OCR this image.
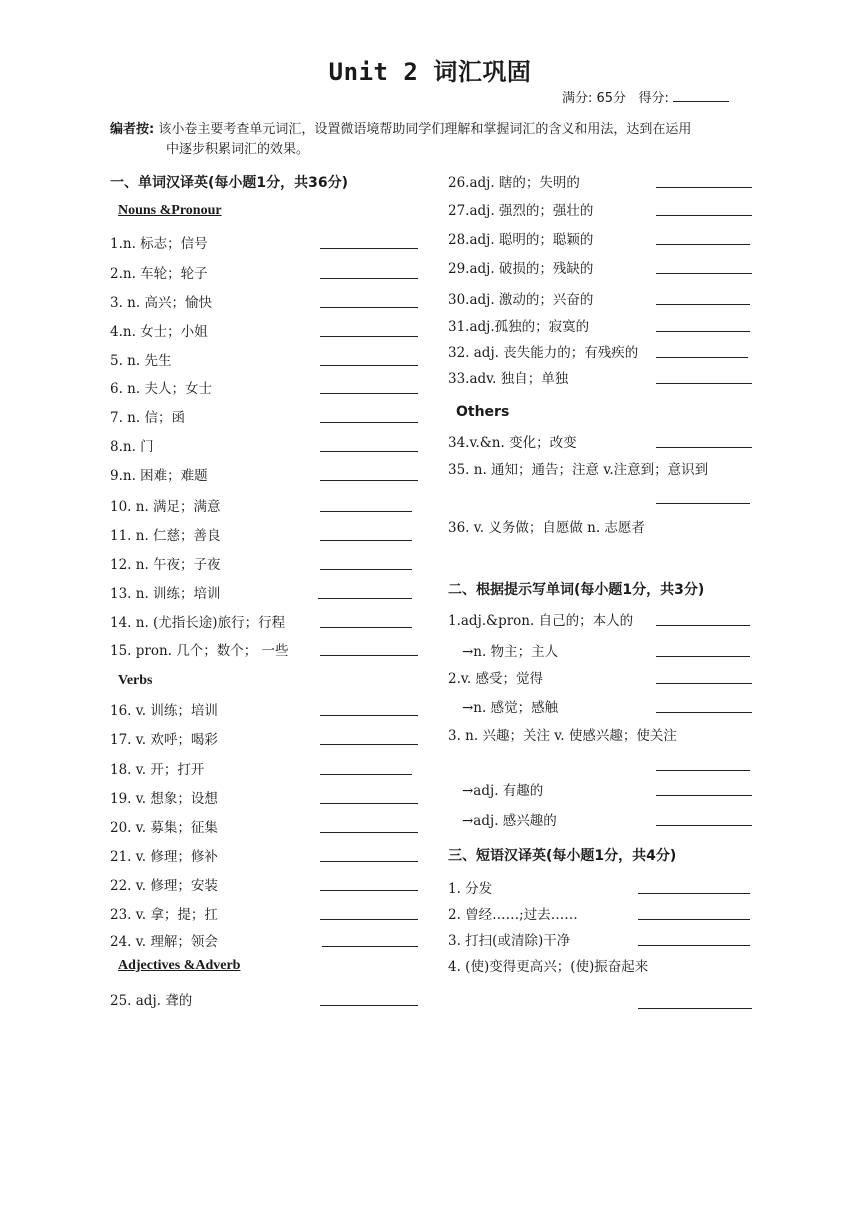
Unit 2 词汇巩固
满分: 65分 得分:
编者按: 该小卷主要考查单元词汇，设置微语境帮助同学们理解和掌握词汇的含义和用法，达到在运用
中逐步积累词汇的效果。
一、单词汉译英(每小题1分，共36分)
Nouns &Pronour
1.n. 标志；信号
2.n. 车轮；轮子
3. n. 高兴；愉快
4.n. 女士；小姐
5. n. 先生
6. n. 夫人；女士
7. n. 信；函
8.n. 门
9.n. 困难；难题
10. n. 满足；满意
11. n. 仁慈；善良
12. n. 午夜；子夜
13. n. 训练；培训
14. n. (尤指长途)旅行；行程
15. pron. 几个；数个； 一些
Verbs
16. v. 训练；培训
17. v. 欢呼；喝彩
18. v. 开；打开
19. v. 想象；设想
20. v. 募集；征集
21. v. 修理；修补
22. v. 修理；安装
23. v. 拿；提；扛
24. v. 理解；领会
Adjectives &Adverb
25. adj. 聋的
26.adj. 瞎的；失明的
27.adj. 强烈的；强壮的
28.adj. 聪明的；聪颖的
29.adj. 破损的；残缺的
30.adj. 激动的；兴奋的
31.adj.孤独的；寂寞的
32. adj. 丧失能力的；有残疾的
33.adv. 独自；单独
Others
34.v.&n. 变化；改变
35. n. 通知；通告；注意 v.注意到；意识到
36. v. 义务做；自愿做 n. 志愿者
二、根据提示写单词(每小题1分，共3分)
1.adj.&pron. 自己的；本人的
→n. 物主；主人
2.v. 感受；觉得
→n. 感觉；感触
3. n. 兴趣；关注 v. 使感兴趣；使关注
→adj. 有趣的
→adj. 感兴趣的
三、短语汉译英(每小题1分，共4分)
1. 分发
2. 曾经……;过去……
3. 打扫(或清除)干净
4. (使)变得更高兴；(使)振奋起来
